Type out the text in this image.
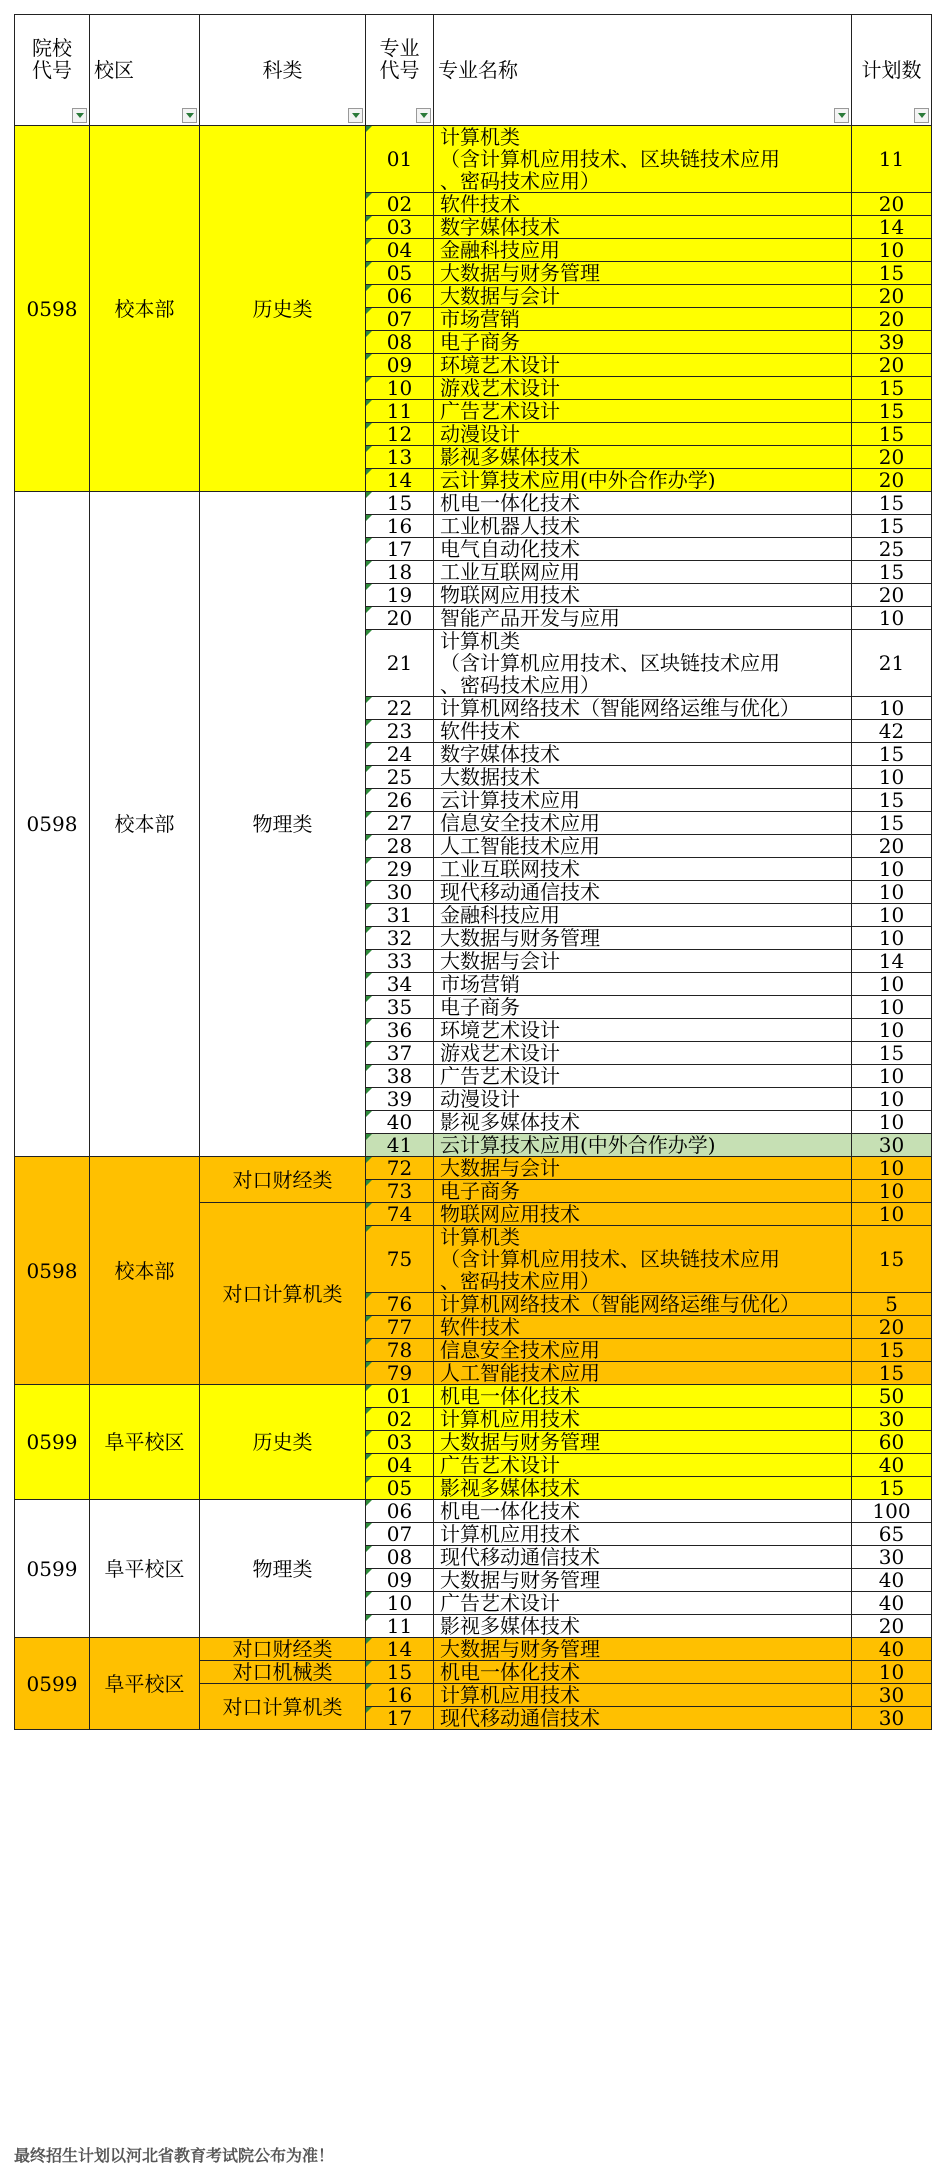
院校
代号	校区	科类	专业
代号	专业名称	计划数

0598	校本部	历史类	01	计算机类
（含计算机应用技术、区块链技术应用
、密码技术应用）	11

02	软件技术	20

03	数字媒体技术	14

04	金融科技应用	10

05	大数据与财务管理	15

06	大数据与会计	20

07	市场营销	20

08	电子商务	39

09	环境艺术设计	20

10	游戏艺术设计	15

11	广告艺术设计	15

12	动漫设计	15

13	影视多媒体技术	20

14	云计算技术应用(中外合作办学)	20
0598	校本部	物理类	15	机电一体化技术	15

16	工业机器人技术	15

17	电气自动化技术	25

18	工业互联网应用	15

19	物联网应用技术	20

20	智能产品开发与应用	10

21	计算机类
（含计算机应用技术、区块链技术应用
、密码技术应用）	21

22	计算机网络技术（智能网络运维与优化）	10

23	软件技术	42

24	数字媒体技术	15

25	大数据技术	10

26	云计算技术应用	15

27	信息安全技术应用	15

28	人工智能技术应用	20

29	工业互联网技术	10

30	现代移动通信技术	10

31	金融科技应用	10

32	大数据与财务管理	10

33	大数据与会计	14

34	市场营销	10

35	电子商务	10

36	环境艺术设计	10

37	游戏艺术设计	15

38	广告艺术设计	10

39	动漫设计	10

40	影视多媒体技术	10

41	云计算技术应用(中外合作办学)	30
0598	校本部	对口财经类	72	大数据与会计	10

73	电子商务	10
		对口计算机类	74	物联网应用技术	10

75	计算机类
（含计算机应用技术、区块链技术应用
、密码技术应用）	15

76	计算机网络技术（智能网络运维与优化）	5

77	软件技术	20

78	信息安全技术应用	15

79	人工智能技术应用	15
0599	阜平校区	历史类	01	机电一体化技术	50

02	计算机应用技术	30

03	大数据与财务管理	60

04	广告艺术设计	40

05	影视多媒体技术	15
0599	阜平校区	物理类	06	机电一体化技术	100

07	计算机应用技术	65

08	现代移动通信技术	30

09	大数据与财务管理	40

10	广告艺术设计	40

11	影视多媒体技术	20
0599	阜平校区	对口财经类	14	大数据与财务管理	40
		对口机械类	15	机电一体化技术	10
		对口计算机类	16	计算机应用技术	30

17	现代移动通信技术	30
最终招生计划以河北省教育考试院公布为准！
